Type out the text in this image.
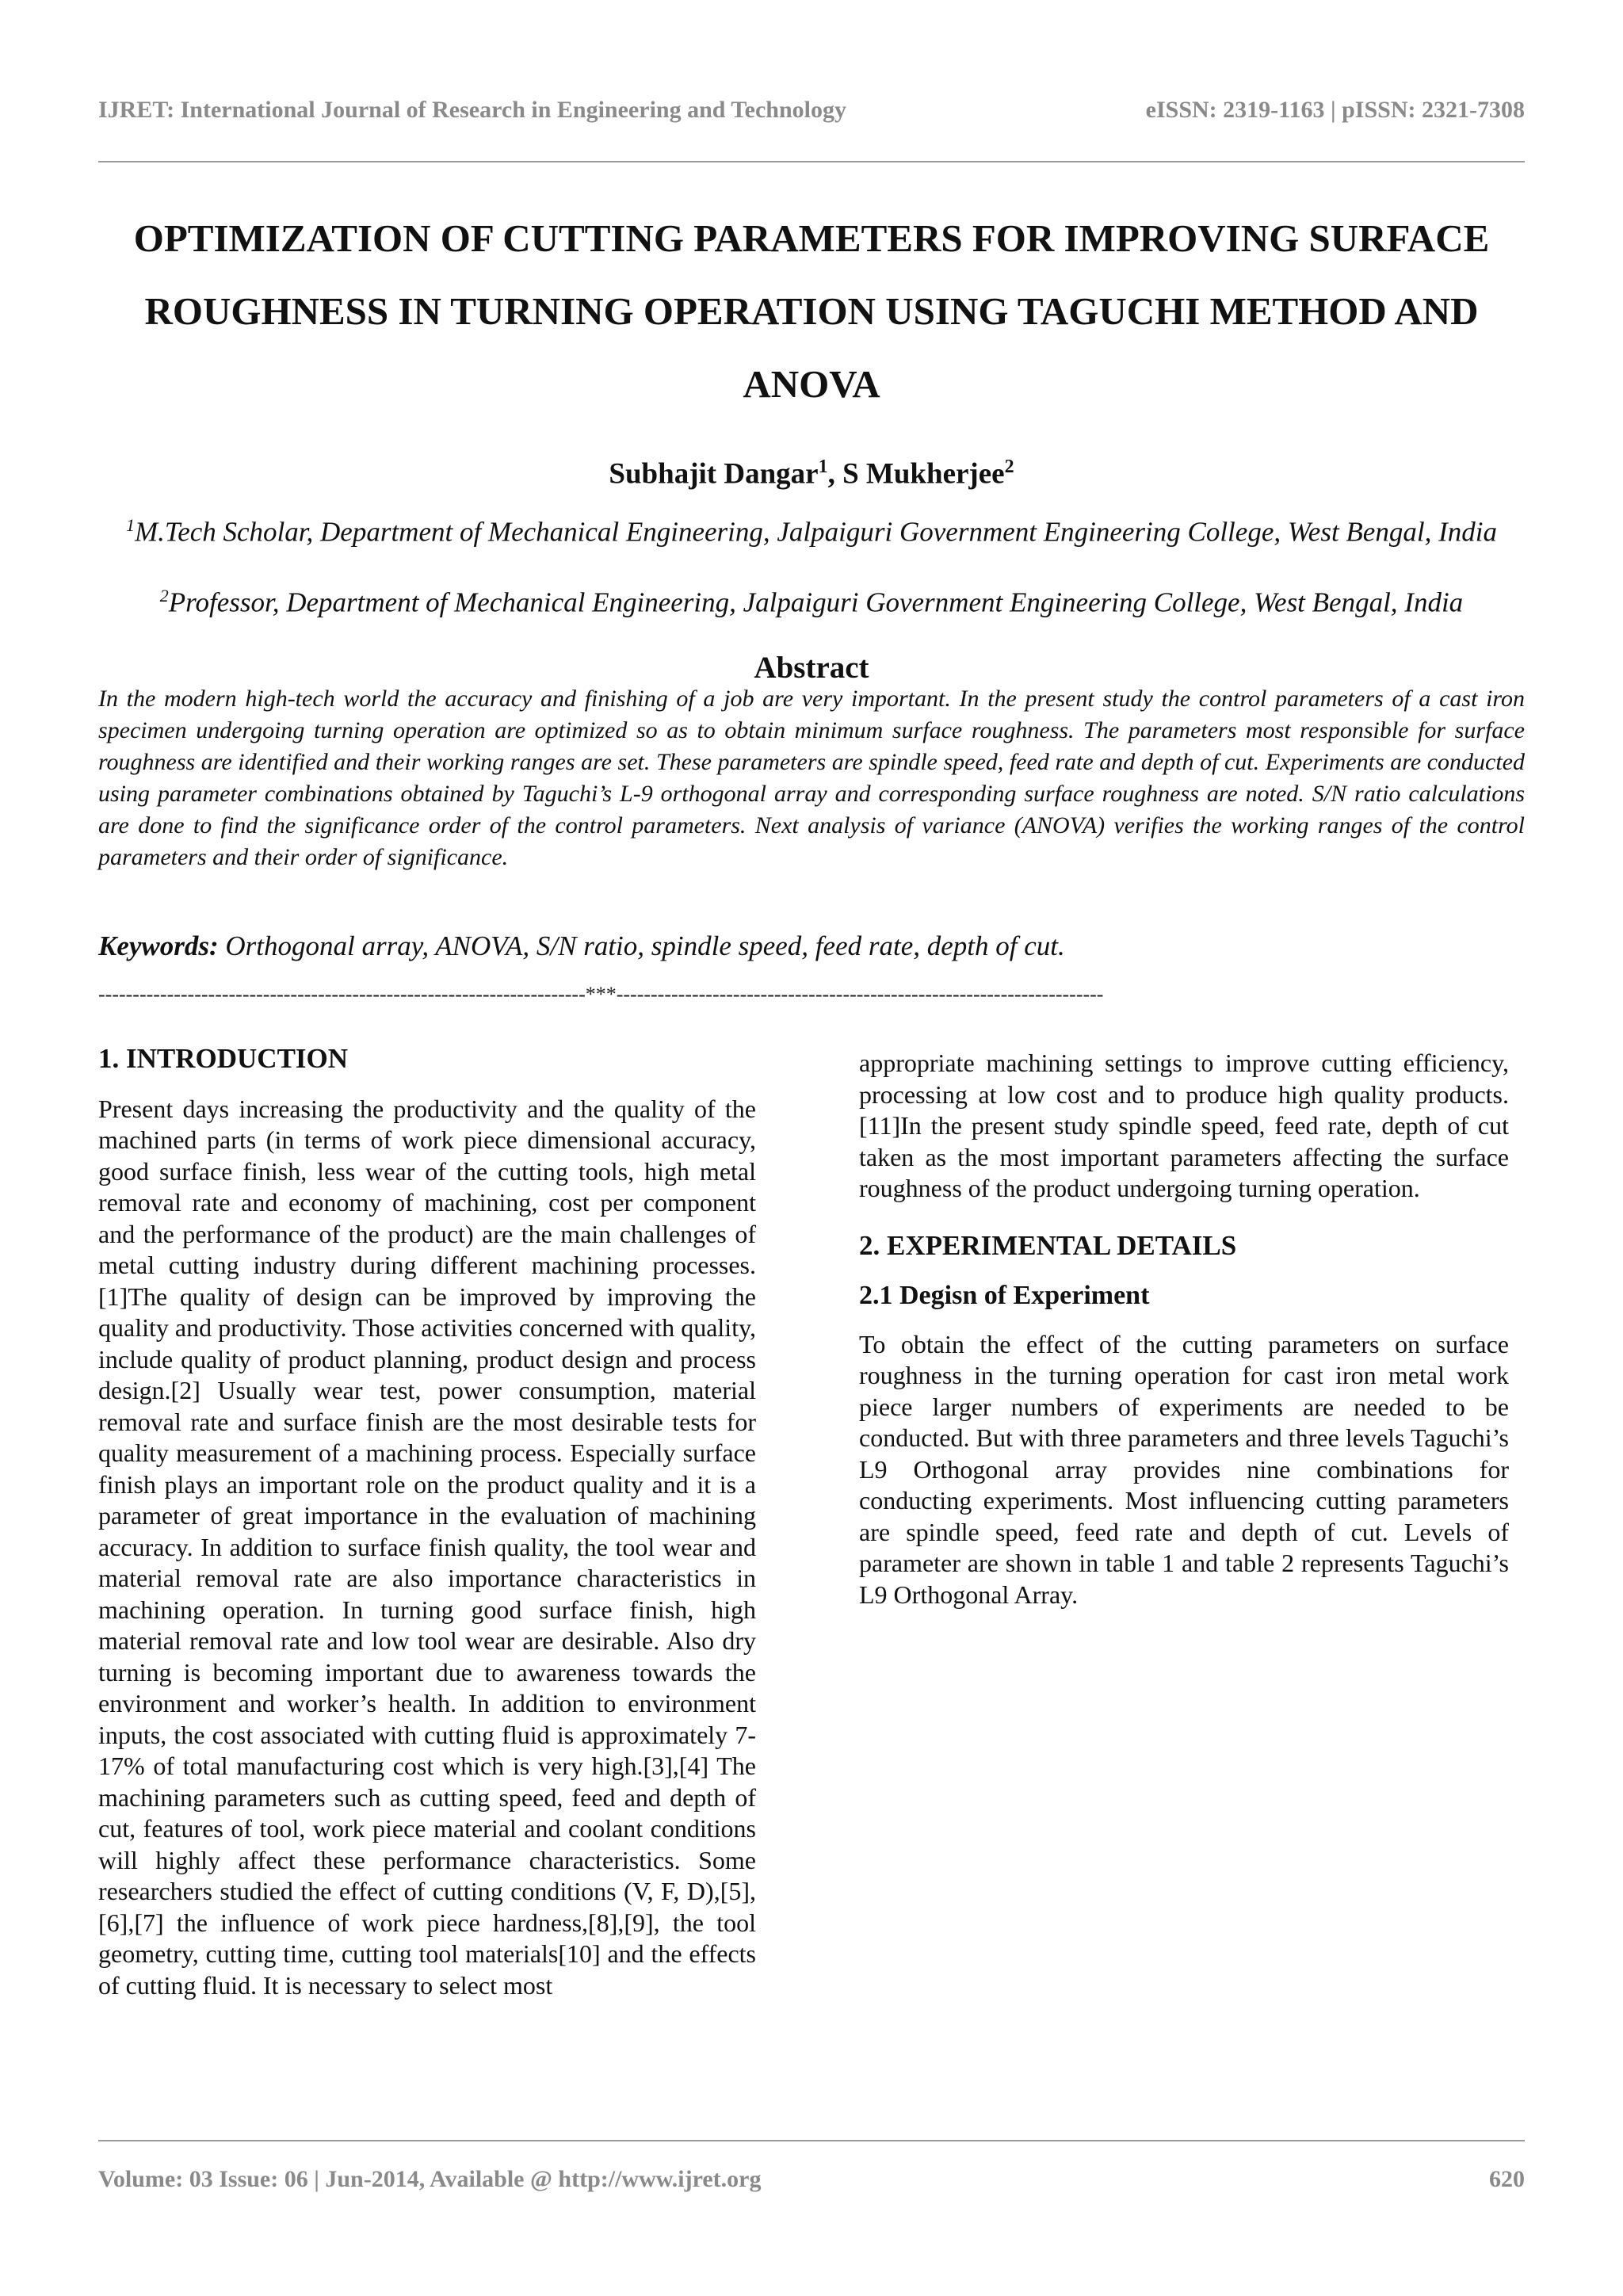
IJRET: International Journal of Research in Engineering and Technology	eISSN: 2319-1163 | pISSN: 2321-7308
OPTIMIZATION OF CUTTING PARAMETERS FOR IMPROVING SURFACE ROUGHNESS IN TURNING OPERATION USING TAGUCHI METHOD AND ANOVA
Subhajit Dangar$^1$, S Mukherjee$^2$
$^1$M.Tech Scholar, Department of Mechanical Engineering, Jalpaiguri Government Engineering College, West Bengal, India
$^2$Professor, Department of Mechanical Engineering, Jalpaiguri Government Engineering College, West Bengal, India
Abstract

In the modern high-tech world the accuracy and finishing of a job are very important. In the present study the control parameters of a cast iron specimen undergoing turning operation are optimized so as to obtain minimum surface roughness. The parameters most responsible for surface roughness are identified and their working ranges are set. These parameters are spindle speed, feed rate and depth of cut. Experiments are conducted using parameter combinations obtained by Taguchi’s L-9 orthogonal array and corresponding surface roughness are noted. S/N ratio calculations are done to find the significance order of the control parameters. Next analysis of variance (ANOVA) verifies the working ranges of the control parameters and their order of significance.

Keywords: Orthogonal array, ANOVA, S/N ratio, spindle speed, feed rate, depth of cut.
-----------------------------------------------------------------------***-----------------------------------------------------------------------
1. INTRODUCTION

Present days increasing the productivity and the quality of the machined parts (in terms of work piece dimensional accuracy, good surface finish, less wear of the cutting tools, high metal removal rate and economy of machining, cost per component and the performance of the product) are the main challenges of metal cutting industry during different machining processes. [1]The quality of design can be improved by improving the quality and productivity. Those activities concerned with quality, include quality of product planning, product design and process design.[2] Usually wear test, power consumption, material removal rate and surface finish are the most desirable tests for quality measurement of a machining process. Especially surface finish plays an important role on the product quality and it is a parameter of great importance in the evaluation of machining accuracy. In addition to surface finish quality, the tool wear and material removal rate are also importance characteristics in machining operation. In turning good surface finish, high material removal rate and low tool wear are desirable. Also dry turning is becoming important due to awareness towards the environment and worker’s health. In addition to environment inputs, the cost associated with cutting fluid is approximately 7-17% of total manufacturing cost which is very high.[3],[4] The machining parameters such as cutting speed, feed and depth of cut, features of tool, work piece material and coolant conditions will highly affect these performance characteristics. Some researchers studied the effect of cutting conditions (V, F, D),[5],[6],[7] the influence of work piece hardness,[8],[9], the tool geometry, cutting time, cutting tool materials[10] and the effects of cutting fluid. It is necessary to select most

appropriate machining settings to improve cutting efficiency, processing at low cost and to produce high quality products. [11]In the present study spindle speed, feed rate, depth of cut taken as the most important parameters affecting the surface roughness of the product undergoing turning operation.

2. EXPERIMENTAL DETAILS
2.1 Degisn of Experiment

To obtain the effect of the cutting parameters on surface roughness in the turning operation for cast iron metal work piece larger numbers of experiments are needed to be conducted. But with three parameters and three levels Taguchi’s L9 Orthogonal array provides nine combinations for conducting experiments. Most influencing cutting parameters are spindle speed, feed rate and depth of cut. Levels of parameter are shown in table 1 and table 2 represents Taguchi’s L9 Orthogonal Array.

Volume: 03 Issue: 06 | Jun-2014, Available @ http://www.ijret.org	620
